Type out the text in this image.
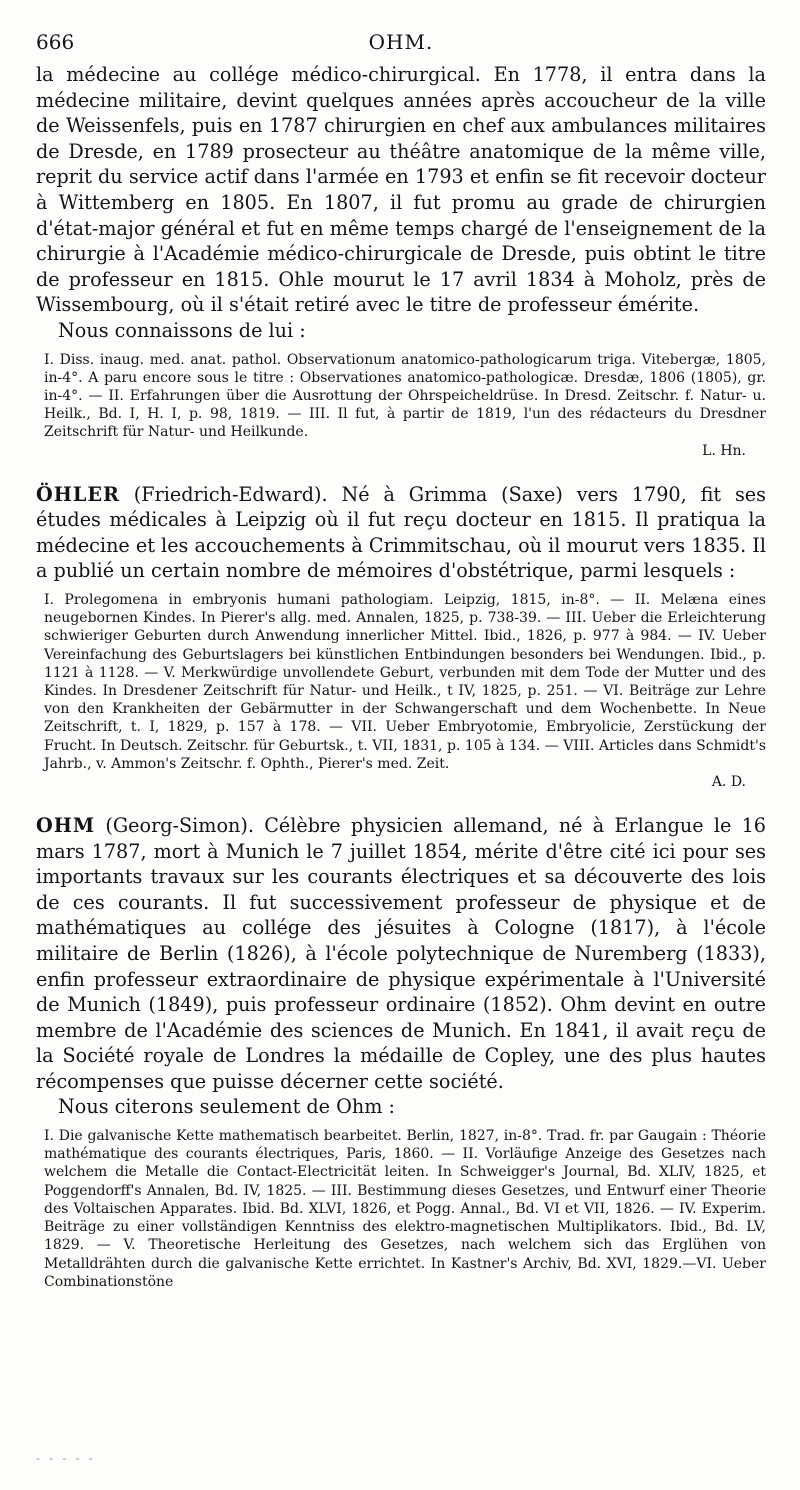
666	OHM.

la médecine au collége médico-chirurgical. En 1778, il entra dans la médecine militaire, devint quelques années après accoucheur de la ville de Weissenfels, puis en 1787 chirurgien en chef aux ambulances militaires de Dresde, en 1789 prosecteur au théâtre anatomique de la même ville, reprit du service actif dans l'armée en 1793 et enfin se fit recevoir docteur à Wittemberg en 1805. En 1807, il fut promu au grade de chirurgien d'état-major général et fut en même temps chargé de l'enseignement de la chirurgie à l'Académie médico-chirurgicale de Dresde, puis obtint le titre de professeur en 1815. Ohle mourut le 17 avril 1834 à Moholz, près de Wissembourg, où il s'était retiré avec le titre de professeur émérite.

Nous connaissons de lui :

I. Diss. inaug. med. anat. pathol. Observationum anatomico-pathologicarum triga. Vitebergæ, 1805, in-4°. A paru encore sous le titre : Observationes anatomico-pathologicæ. Dresdæ, 1806 (1805), gr. in-4°. — II. Erfahrungen über die Ausrottung der Ohrspeicheldrüse. In Dresd. Zeitschr. f. Natur- u. Heilk., Bd. I, H. I, p. 98, 1819. — III. Il fut, à partir de 1819, l'un des rédacteurs du Dresdner Zeitschrift für Natur- und Heilkunde.

L. Hn.

ÖHLER (Friedrich-Edward). Né à Grimma (Saxe) vers 1790, fit ses études médicales à Leipzig où il fut reçu docteur en 1815. Il pratiqua la médecine et les accouchements à Crimmitschau, où il mourut vers 1835. Il a publié un certain nombre de mémoires d'obstétrique, parmi lesquels :

I. Prolegomena in embryonis humani pathologiam. Leipzig, 1815, in-8°. — II. Melæna eines neugebornen Kindes. In Pierer's allg. med. Annalen, 1825, p. 738-39. — III. Ueber die Erleichterung schwieriger Geburten durch Anwendung innerlicher Mittel. Ibid., 1826, p. 977 à 984. — IV. Ueber Vereinfachung des Geburtslagers bei künstlichen Entbindungen besonders bei Wendungen. Ibid., p. 1121 à 1128. — V. Merkwürdige unvollendete Geburt, verbunden mit dem Tode der Mutter und des Kindes. In Dresdener Zeitschrift für Natur- und Heilk., t IV, 1825, p. 251. — VI. Beiträge zur Lehre von den Krankheiten der Gebärmutter in der Schwangerschaft und dem Wochenbette. In Neue Zeitschrift, t. I, 1829, p. 157 à 178. — VII. Ueber Embryotomie, Embryolicie, Zerstückung der Frucht. In Deutsch. Zeitschr. für Geburtsk., t. VII, 1831, p. 105 à 134. — VIII. Articles dans Schmidt's Jahrb., v. Ammon's Zeitschr. f. Ophth., Pierer's med. Zeit.

A. D.

OHM (Georg-Simon). Célèbre physicien allemand, né à Erlangue le 16 mars 1787, mort à Munich le 7 juillet 1854, mérite d'être cité ici pour ses importants travaux sur les courants électriques et sa découverte des lois de ces courants. Il fut successivement professeur de physique et de mathématiques au collége des jésuites à Cologne (1817), à l'école militaire de Berlin (1826), à l'école polytechnique de Nuremberg (1833), enfin professeur extraordinaire de physique expérimentale à l'Université de Munich (1849), puis professeur ordinaire (1852). Ohm devint en outre membre de l'Académie des sciences de Munich. En 1841, il avait reçu de la Société royale de Londres la médaille de Copley, une des plus hautes récompenses que puisse décerner cette société.

Nous citerons seulement de Ohm :

I. Die galvanische Kette mathematisch bearbeitet. Berlin, 1827, in-8°. Trad. fr. par Gaugain : Théorie mathématique des courants électriques, Paris, 1860. — II. Vorläufige Anzeige des Gesetzes nach welchem die Metalle die Contact-Electricität leiten. In Schweigger's Journal, Bd. XLIV, 1825, et Poggendorff's Annalen, Bd. IV, 1825. — III. Bestimmung dieses Gesetzes, und Entwurf einer Theorie des Voltaischen Apparates. Ibid. Bd. XLVI, 1826, et Pogg. Annal., Bd. VI et VII, 1826. — IV. Experim. Beiträge zu einer vollständigen Kenntniss des elektro-magnetischen Multiplikators. Ibid., Bd. LV, 1829. — V. Theoretische Herleitung des Gesetzes, nach welchem sich das Erglühen von Metalldrähten durch die galvanische Kette errichtet. In Kastner's Archiv, Bd. XVI, 1829.—VI. Ueber Combinationstöne

- - - - -
